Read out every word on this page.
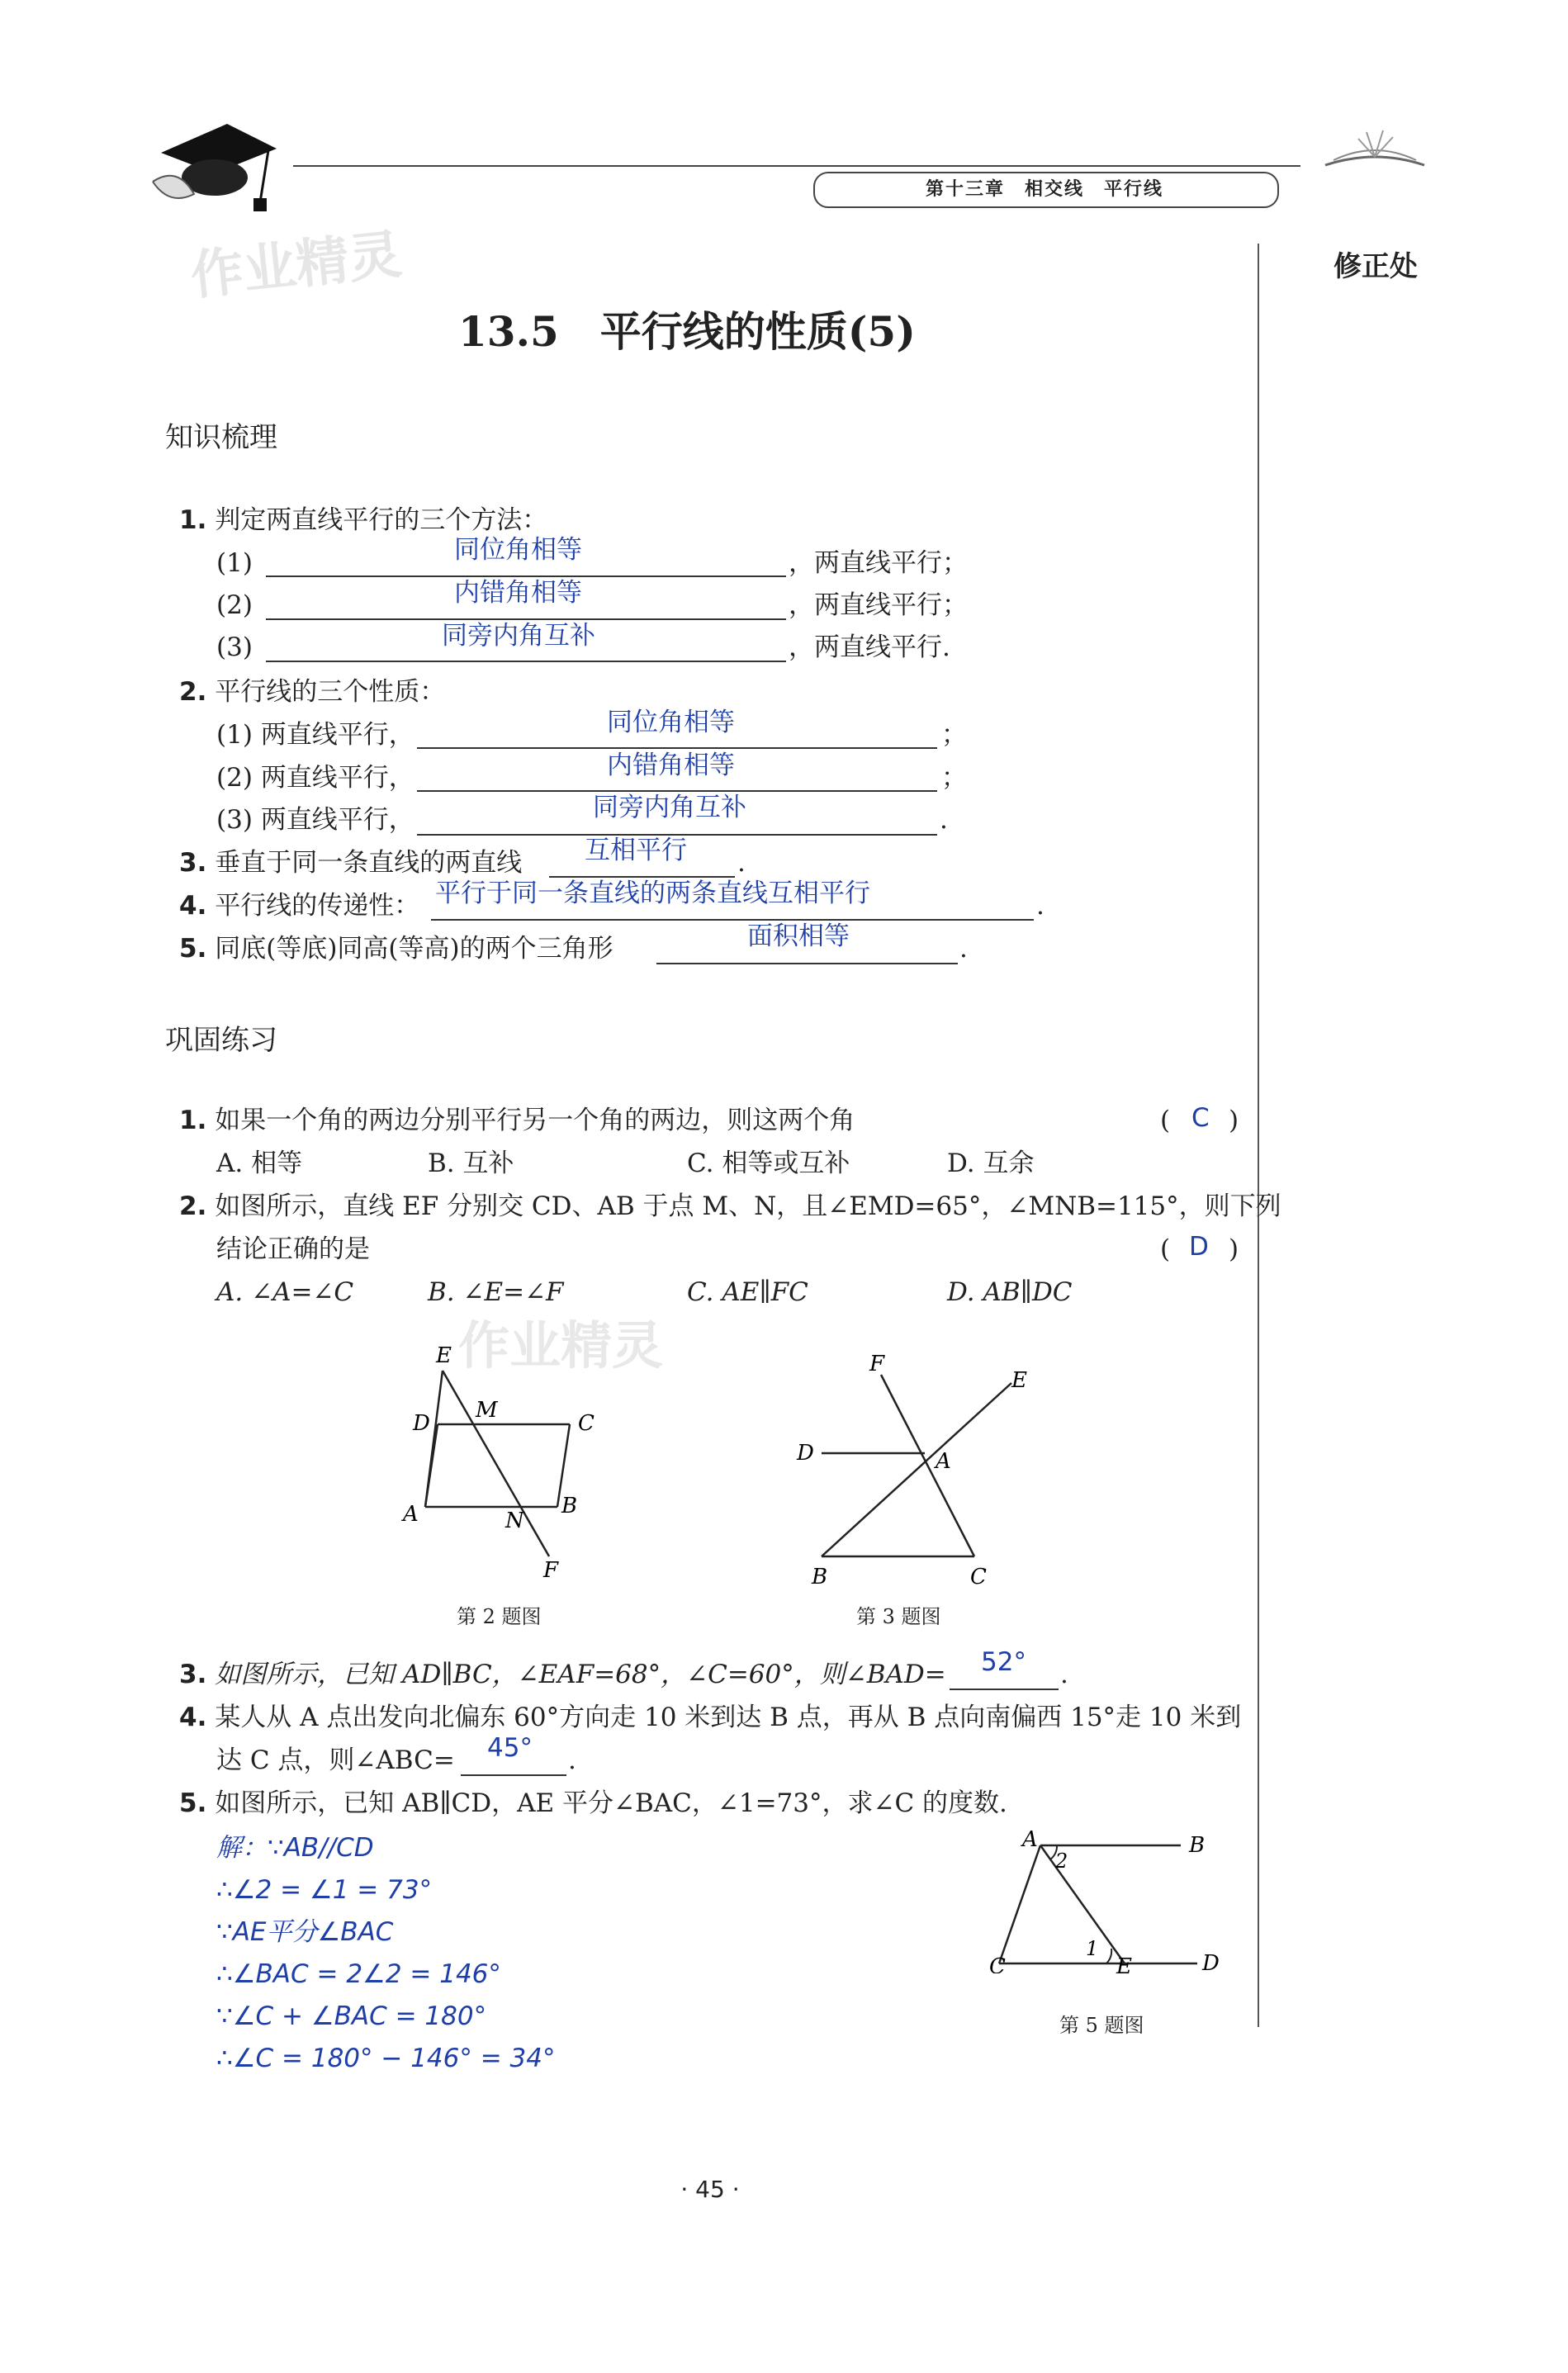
第十三章　相交线　平行线
作业精灵	修正处
13.5　平行线的性质(5)
知识梳理
1. 判定两直线平行的三个方法：
(1)	同位角相等	，两直线平行；
(2)	内错角相等	，两直线平行；
(3)	同旁内角互补	，两直线平行.
2. 平行线的三个性质：
(1) 两直线平行，	同位角相等	；
(2) 两直线平行，	内错角相等	；
(3) 两直线平行，	同旁内角互补	.
3. 垂直于同一条直线的两直线 互相平行 .
4. 平行线的传递性： 平行于同一条直线的两条直线互相平行	.
5. 同底(等底)同高(等高)的两个三角形	面积相等	.
巩固练习
1. 如果一个角的两边分别平行另一个角的两边，则这两个角	( C )
A. 相等	B. 互补	C. 相等或互补	D. 互余
2. 如图所示，直线 EF 分别交 CD、AB 于点 M、N，且∠EMD=65°，∠MNB=115°，则下列
结论正确的是	( D )
A. ∠A=∠C	B. ∠E=∠F	C. AE∥FC	D. AB∥DC
作业精灵
E
M
D	C
A	N
B
F
第 2 题图
F
E
D	A
B	C
第 3 题图
3. 如图所示，已知 AD∥BC，∠EAF=68°，∠C=60°，则∠BAD= 52° .
4. 某人从 A 点出发向北偏东 60°方向走 10 米到达 B 点，再从 B 点向南偏西 15°走 10 米到
达 C 点，则∠ABC= 45° .
5. 如图所示，已知 AB∥CD，AE 平分∠BAC，∠1=73°，求∠C 的度数.
解：∵AB//CD
∴∠2 = ∠1 = 73°
∵AE平分∠BAC
∴∠BAC = 2∠2 = 146°
∵∠C + ∠BAC = 180°
∴∠C = 180° − 146° = 34°
A
2
B
1
C	E	D
第 5 题图
· 45 ·
